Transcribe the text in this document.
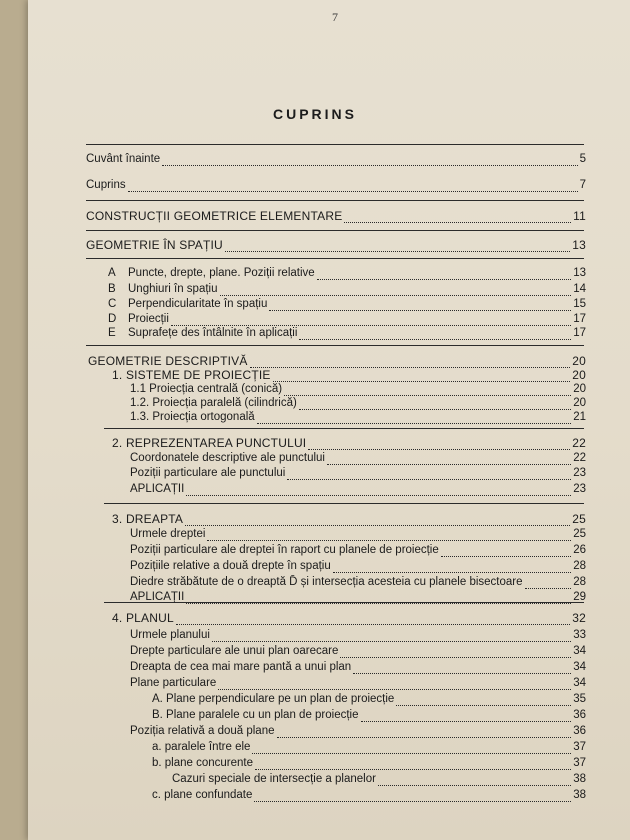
7
CUPRINS
Cuvânt înainte	5
Cuprins	7
CONSTRUCȚII GEOMETRICE ELEMENTARE	11
GEOMETRIE ÎN SPAȚIU	13
A	Puncte, drepte, plane. Poziții relative	13
B	Unghiuri în spațiu	14
C	Perpendicularitate în spațiu	15
D	Proiecții	17
E	Suprafețe des întâlnite în aplicații	17
GEOMETRIE DESCRIPTIVĂ	20
1. SISTEME DE PROIECȚIE	20
1.1 Proiecția centrală (conică)	20
1.2. Proiecția paralelă (cilindrică)	20
1.3. Proiecția ortogonală	21
2. REPREZENTAREA PUNCTULUI	22
Coordonatele descriptive ale punctului	22
Poziții particulare ale punctului	23
APLICAȚII	23
3. DREAPTA	25
Urmele dreptei	25
Poziții particulare ale dreptei în raport cu planele de proiecție	26
Pozițiile relative a două drepte în spațiu	28
Diedre străbătute de o dreaptă D̄ și intersecția acesteia cu planele bisectoare	28
APLICAȚII	29
4. PLANUL	32
Urmele planului	33
Drepte particulare ale unui plan oarecare	34
Dreapta de cea mai mare pantă a unui plan	34
Plane particulare	34
A. Plane perpendiculare pe un plan de proiecție	35
B. Plane paralele cu un plan de proiecție	36
Poziția relativă a două plane	36
a. paralele între ele	37
b. plane concurente	37
Cazuri speciale de intersecție a planelor	38
c. plane confundate	38
